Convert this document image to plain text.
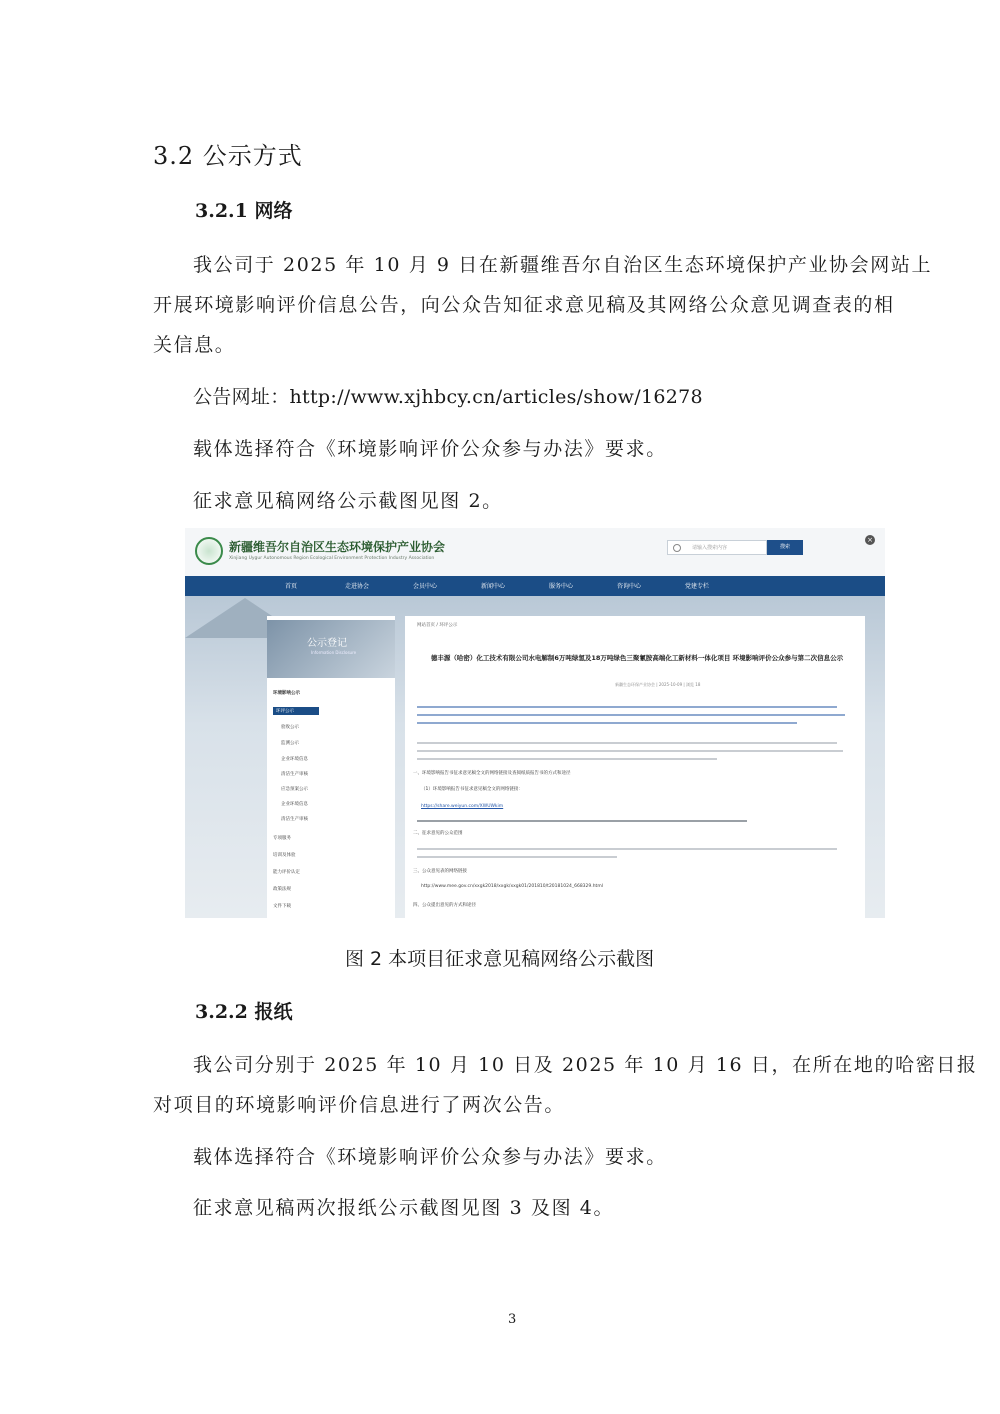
3.2 公示方式
3.2.1 网络
我公司于 2025 年 10 月 9 日在新疆维吾尔自治区生态环境保护产业协会网站上
开展环境影响评价信息公告，向公众告知征求意见稿及其网络公众意见调查表的相
关信息。
公告网址：http://www.xjhbcy.cn/articles/show/16278
载体选择符合《环境影响评价公众参与办法》要求。
征求意见稿网络公示截图见图 2。
新疆维吾尔自治区生态环境保护产业协会
Xinjiang Uygur Autonomous Region Ecological Environment Protection Industry Association
请输入搜索内容	搜索
×
首页	走进协会	会员中心	新闻中心	服务中心	咨询中心	党建专栏
公示登记
Information Disclosure
环境影响公示
环评公示
验收公示
监测公示
企业环境信息
清洁生产审核
应急预案公示
企业环境信息
清洁生产审核
专项服务
培训及体验
能力评价认定
政策法规
文件下载
网站首页 / 环评公示
德丰源（哈密）化工技术有限公司水电解制6万吨绿氢及18万吨绿色三聚氰胺高端化工新材料一体化项目 环境影响评价公众参与第二次信息公示
新疆生态环保产业协会 | 2025-10-09 | 浏览 18
一、环境影响报告书征求意见稿全文的网络链接及查阅纸质报告书的方式和途径
（1）环境影响报告书征求意见稿全文的网络链接：
https://share.weiyun.com/XWUWkim
二、征求意见的公众范围
三、公众意见表的网络链接
http://www.mee.gov.cn/xxgk2018/xxgk/xxgk01/201810/t20181024_668329.html
四、公众提出意见的方式和途径
图 2 本项目征求意见稿网络公示截图
3.2.2 报纸
我公司分别于 2025 年 10 月 10 日及 2025 年 10 月 16 日，在所在地的哈密日报
对项目的环境影响评价信息进行了两次公告。
载体选择符合《环境影响评价公众参与办法》要求。
征求意见稿两次报纸公示截图见图 3 及图 4。
3
